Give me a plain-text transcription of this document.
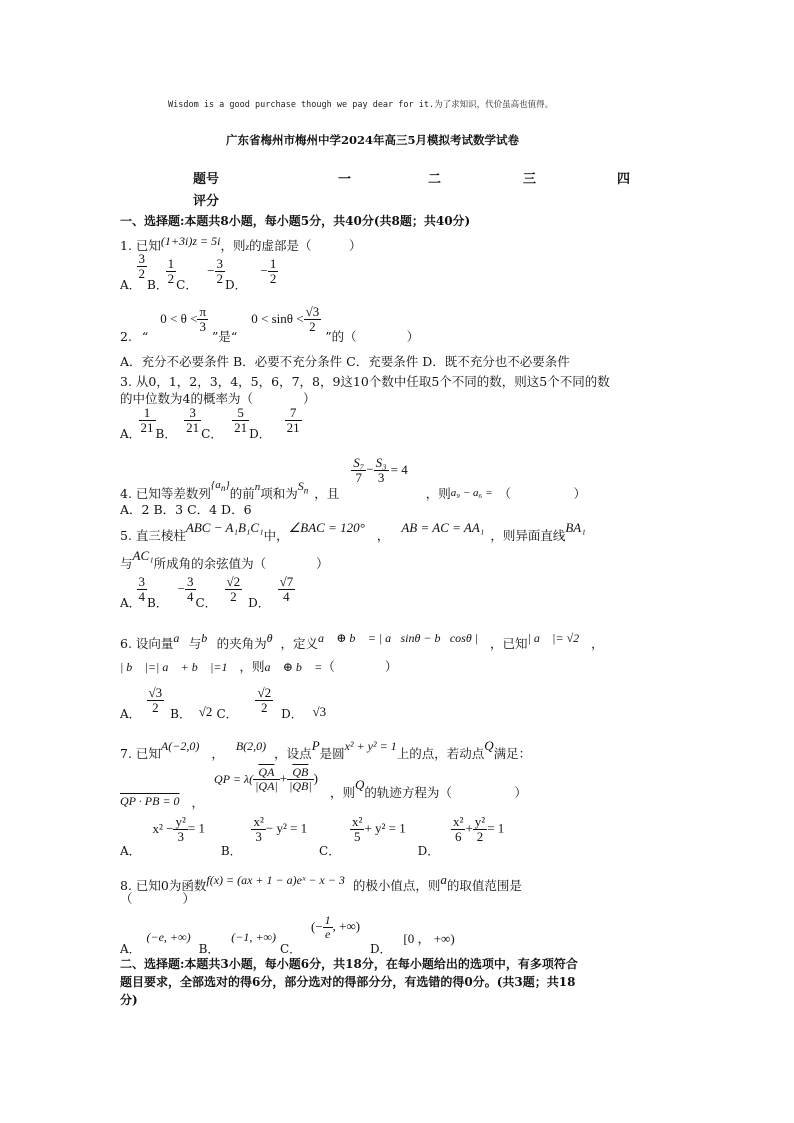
Wisdom is a good purchase though we pay dear for it.为了求知识，代价虽高也值得。
广东省梅州市梅州中学2024年高三5月模拟考试数学试卷
题号	一	二	三	四
评分
一、选择题:本题共8小题，每小题5分，共40分(共8题；共40分)
1. 已知(1+3i)z = 5i，则z的虚部是（　　　）
A．
$\frac{3}{2}$
B．
$\frac{1}{2}$ C． − $\frac{3}{2}$ D． − $\frac{1}{2}$
2. “ $0 < \theta < \frac{\pi}{3}$
”是“ $0 < \sin\theta < \frac{√3}{2}$
”的（　　　　）
A．充分不必要条件 B．必要不充分条件 C．充要条件 D．既不充分也不必要条件
3. 从0，1，2，3，4，5，6，7，8，9这10个数中任取5个不同的数，则这5个不同的数
的中位数为4的概率为（　　　　）
A．
$\frac{1}{21}$ B． $\frac{3}{21}$ C． $\frac{5}{21}$ D． $\frac{7}{21}$
4. 已知等差数列$\{a_n\}$的前n项和为$S_n$ ，且
$\frac{\text{S₇}}{7} - \frac{\text{S₃}}{3} = 4$ ，则a₉ − a₆ = （　　　　　）
A．2 B．3 C．4 D．6
5. 直三棱柱ABC − A₁B₁C₁中，∠BAC = 120°，AB = AC = AA₁，则异面直线BA₁
与AC₁所成角的余弦值为（　　　　）
A．
$\frac{3}{4}$ B． − $\frac{3}{4}$ C． $\frac{√2}{2}$ D． $\frac{√7}{4}$
6. 设向量a⃗与b⃗的夹角为θ ，定义a⃗ ⊕ b⃗ = | a⃗sinθ − b⃗cosθ | ，已知| a⃗ |= √2 ，
| b⃗ |=| a⃗ + b⃗ |=1 ，则a⃗ ⊕ b⃗ =（　　　　）
A． $\frac{√3}{2}$ B． √2 C． $\frac{√2}{2}$ D． √3
7. 已知A(−2,0) ， B(2,0) ，设点P是圆x² + y² = 1上的点，若动点Q满足：
QP · PB = 0 ， QP = $\lambda( \frac{\overline{QA}}{|QA|} + \frac{\overline{QB}}{|QB|}$ ) ，则Q的轨迹方程为（　　　　　）
A． $x^2 - \frac{\text{y²}}{3} = 1$ B．
$\frac{\text{x²}}{3} - y^2 = 1$ C．
$\frac{\text{x²}}{5} + y^2 = 1$ D．
$\frac{\text{x²}}{6} + \frac{\text{y²}}{2} = 1$
8. 已知0为函数f(x) = (ax + 1 − a)eˣ − x − 3 的极小值点，则a的取值范围是
（　　　　）
A． (−e, +∞)B． (−1, +∞)C． (− $\frac{1}{e}$ , +∞) D． [0 ， +∞)
二、选择题:本题共3小题，每小题6分，共18分，在每小题给出的选项中，有多项符合
题目要求，全部选对的得6分，部分选对的得部分分，有选错的得0分。(共3题；共18
分)
